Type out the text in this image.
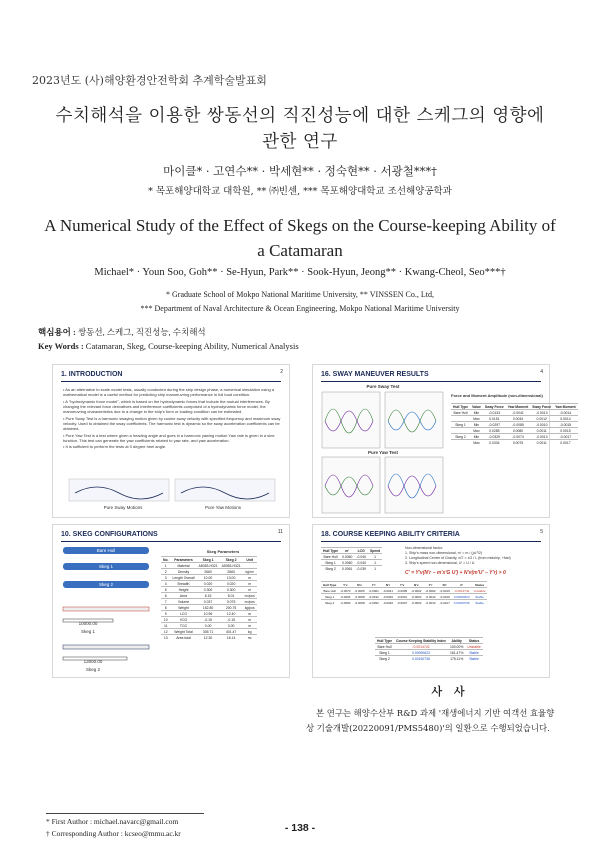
2023년도 (사)해양환경안전학회 추계학술발표회
수치해석을 이용한 쌍동선의 직진성능에 대한 스케그의 영향에
관한 연구
마이클* · 고연수** · 박세현** · 정숙현** · 서광철***†
* 목포해양대학교 대학원, ** ㈜빈센, *** 목포해양대학교 조선해양공학과
A Numerical Study of the Effect of Skegs on the Course-keeping Ability of
a Catamaran
Michael* · Youn Soo, Goh** · Se-Hyun, Park** · Sook-Hyun, Jeong** · Kwang-Cheol, Seo***†
* Graduate School of Mokpo National Maritime University, ** VINSSEN Co., Ltd,
*** Department of Naval Architecture & Ocean Engineering, Mokpo National Maritime University
핵심용어 : 쌍동선, 스케그, 직진성능, 수치해석
Key Words : Catamaran, Skeg, Course-keeping Ability, Numerical Analysis
1. INTRODUCTION	2
• As an alternative to scale model tests, usually conducted during the ship design phase, a numerical simulation using a mathematical model is a useful method for predicting ship manoeuvring performance in full load condition.
• A "hydrodynamic force model", which is based on the hydrodynamic forces that include the mutual interferences. By changing the relevant force derivatives and interference coefficients composed of a hydrodynamic force model, the manoeuvring characteristics due to a change in the ship's form or loading condition can be estimated.
• Pure Sway Test is a harmonic swaying motion given by cosine sway velocity with specified frequency and maximum sway velocity. Used to obtained the sway coefficients. The harmonic test is dynamic so the sway acceleration coefficients can be obtained.
• Pure Yaw Test is a test where given a heading angle and goes in a harmonic yawing motion Yaw rate is given in a sine function. This test can generate the yaw coefficients related to yaw rate, and yaw acceleration.
• It is sufficient to perform the tests at 0 degree heel angle.
Pure Sway Motions	Pure Yaw Motions
16. SWAY MANEUVER RESULTS	4
Pure Sway Test
Pure Yaw Test
Force and Moment Amplitude (non-dimensional)
Hull Type	Value	Sway Force	Yaw Moment	Sway Force	Yaw Moment
Bare Hull	Min	-0.0133	-0.0041	-0.0013	-0.0014
	Max	0.0151	0.0034	0.0012	0.0014
Skeg 1	Min	-0.0297	-0.0085	-0.0010	-0.0015
	Max	0.0285	0.0080	0.0011	0.0015
Skeg 2	Min	-0.0329	-0.0074	-0.0013	-0.0017
	Max	0.0334	0.0075	0.0011	0.0017
10. SKEG CONFIGURATIONS	11
Bare Hull
Skeg 1
Skeg 2
10000.00
Skeg 1
13000.00
Skeg 2
Skeg Parameters
No.	Parameters	Skeg 1	Skeg 2	Unit
1	Material	A5083-H321	A5083-H321	
2	Density	2660	2660	kg/m³
3	Length Overall	10.00	13.00	m
4	Breadth	0.020	0.020	m
5	Height	0.300	0.300	m
6	Area	6.15	8.01	m²/pcs
7	Volume	0.037	0.075	m³/pcs
8	Weight	152.80	200.75	kg/pcs
9	LCG	10.96	12.40	m
10	VCG	-0.15	-0.15	m
11	TCG	0.00	0.00	m
12	Weight Total	305.71	401.47	kg
13	Area total	12.30	16.14	m²
18. COURSE KEEPING ABILITY CRITERIA	5
Hull Type	m'	LCG	Speed
Bare Hull	0.0060	-0.040	1
Skeg 1	0.0060	-0.040	1
Skeg 2	0.0061	-0.039	1
Non-dimensional factor:
1. Ship's mass non-dimensional, m' = m / (ρL³/2)
2. Longitudinal Center of Gravity, xG' = xG / L (from midship, +fwd)
3. Ship's speed non-dimensional, U' = U / U
C' = Y'v(N'r − m'x'G U') + N'v(m'U' − Y'r) > 0
Hull Type	Y'v	N'v	Y'r	N'r	Y'v	N'v	Y'r	N'r	C'	Status
Bare Hull	-0.0070	-0.0005	-0.0001	-0.0041	-0.0005	-0.0002	-0.0002	-0.0019	-0.0014742	Unstable
Skeg 1	-0.0094	-0.0008	-0.0191	-0.0030	-0.0010	-0.0003	-0.0012	-0.0019	0.00090623	Stable
Skeg 2	-0.0083	-0.0008	-0.0252	-0.0040	-0.0007	-0.0003	-0.0013	-0.0017	0.00150736	Stable
Hull Type	Course Keeping Stability Index	Ability	Status
Bare Hull	-0.0014742	100.00%	Unstable
Skeg 1	0.00090623	161.47%	Stable
Skeg 2	0.00150736	175.11%	Stable
사 사
본 연구는 해양수산부 R&D 과제 '재생에너지 기반 여객선 효율향상 기술개발(20220091/PMS5480)'의 일환으로 수행되었습니다.
* First Author : michael.navarc@gmail.com
† Corresponding Author : kcseo@mmu.ac.kr	- 138 -
